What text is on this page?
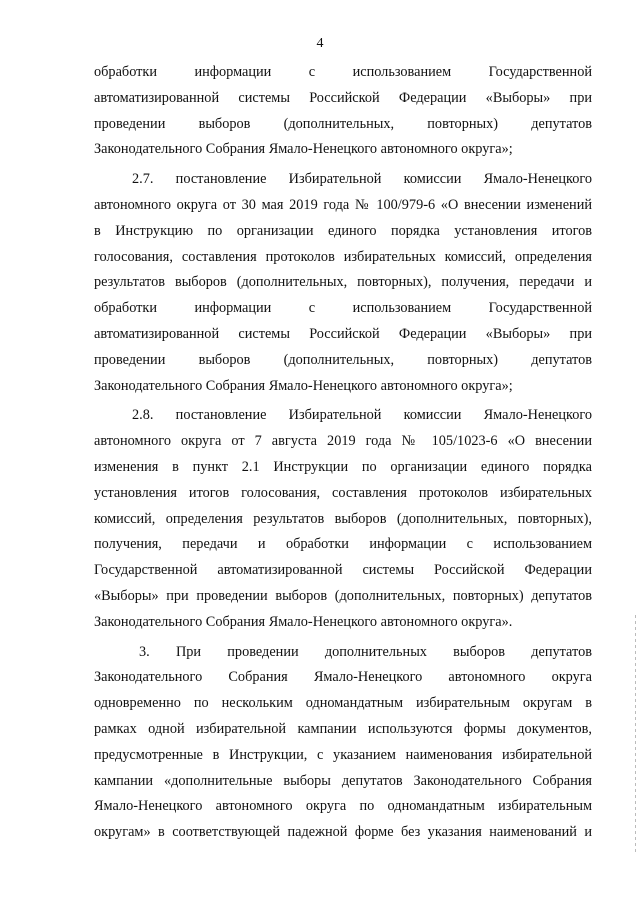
4

обработки информации с использованием Государственной
автоматизированной системы Российской Федерации «Выборы» при
проведении выборов (дополнительных, повторных) депутатов
Законодательного Собрания Ямало-Ненецкого автономного округа»;

2.7. постановление Избирательной комиссии Ямало-Ненецкого
автономного округа от 30 мая 2019 года № 100/979-6 «О внесении изменений
в Инструкцию по организации единого порядка установления итогов
голосования, составления протоколов избирательных комиссий, определения
результатов выборов (дополнительных, повторных), получения, передачи и
обработки информации с использованием Государственной
автоматизированной системы Российской Федерации «Выборы» при
проведении выборов (дополнительных, повторных) депутатов
Законодательного Собрания Ямало-Ненецкого автономного округа»;

2.8. постановление Избирательной комиссии Ямало-Ненецкого
автономного округа от 7 августа 2019 года № 105/1023-6 «О внесении
изменения в пункт 2.1 Инструкции по организации единого порядка
установления итогов голосования, составления протоколов избирательных
комиссий, определения результатов выборов (дополнительных, повторных),
получения, передачи и обработки информации с использованием
Государственной автоматизированной системы Российской Федерации
«Выборы» при проведении выборов (дополнительных, повторных) депутатов
Законодательного Собрания Ямало-Ненецкого автономного округа».

3. При проведении дополнительных выборов депутатов
Законодательного Собрания Ямало-Ненецкого автономного округа
одновременно по нескольким одномандатным избирательным округам в
рамках одной избирательной кампании используются формы документов,
предусмотренные в Инструкции, с указанием наименования избирательной
кампании «дополнительные выборы депутатов Законодательного Собрания
Ямало-Ненецкого автономного округа по одномандатным избирательным
округам» в соответствующей падежной форме без указания наименований и
